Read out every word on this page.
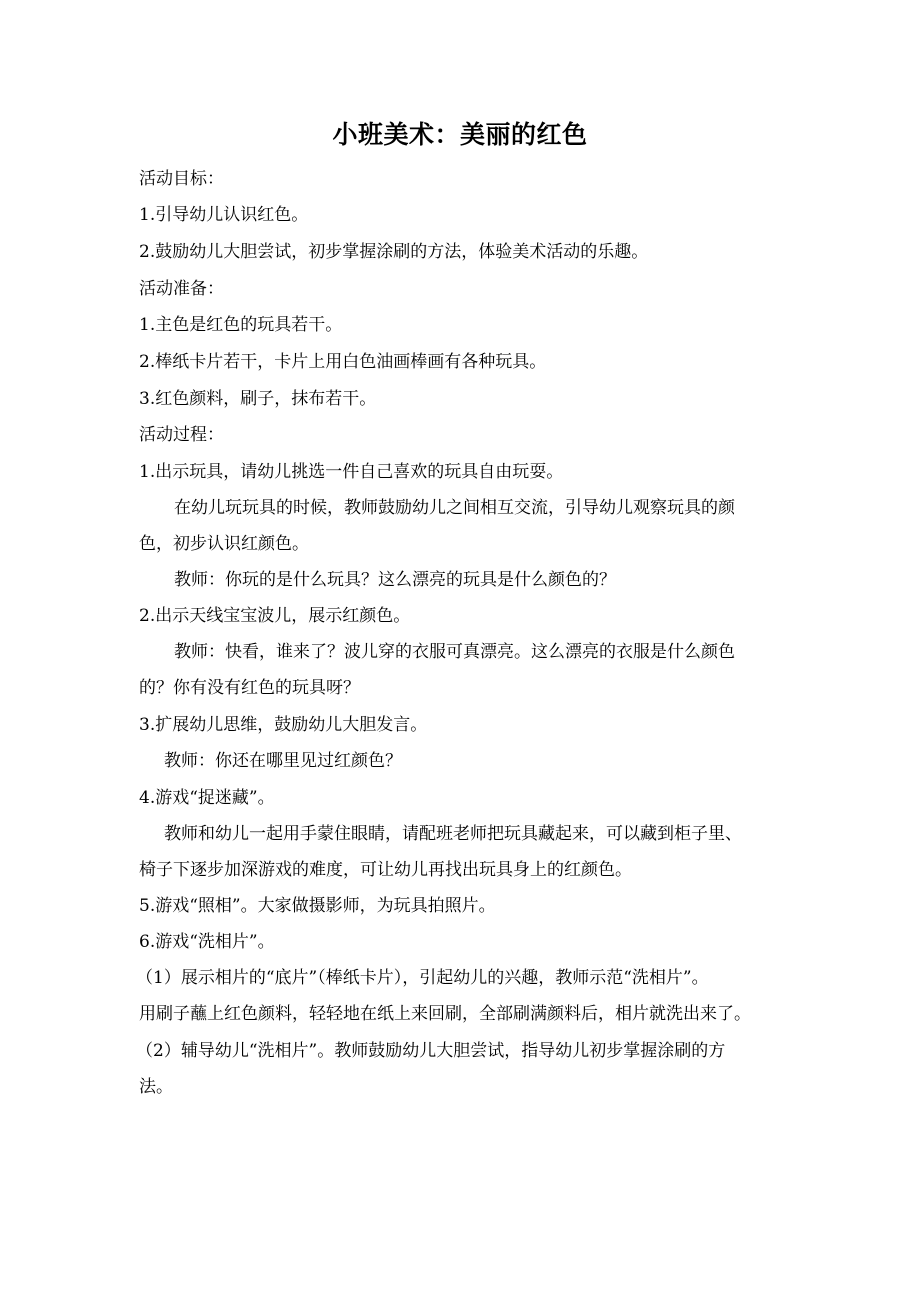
小班美术：美丽的红色
活动目标：
1.引导幼儿认识红色。
2.鼓励幼儿大胆尝试，初步掌握涂刷的方法，体验美术活动的乐趣。
活动准备：
1.主色是红色的玩具若干。
2.棒纸卡片若干，卡片上用白色油画棒画有各种玩具。
3.红色颜料，刷子，抹布若干。
活动过程：
1.出示玩具，请幼儿挑选一件自己喜欢的玩具自由玩耍。
在幼儿玩玩具的时候，教师鼓励幼儿之间相互交流，引导幼儿观察玩具的颜
色，初步认识红颜色。
教师：你玩的是什么玩具？这么漂亮的玩具是什么颜色的？
2.出示天线宝宝波儿，展示红颜色。
教师：快看，谁来了？波儿穿的衣服可真漂亮。这么漂亮的衣服是什么颜色
的？你有没有红色的玩具呀？
3.扩展幼儿思维，鼓励幼儿大胆发言。
教师：你还在哪里见过红颜色？
4.游戏“捉迷藏”。
教师和幼儿一起用手蒙住眼睛，请配班老师把玩具藏起来，可以藏到柜子里、
椅子下逐步加深游戏的难度，可让幼儿再找出玩具身上的红颜色。
5.游戏“照相”。大家做摄影师，为玩具拍照片。
6.游戏“洗相片”。
（1）展示相片的“底片”（棒纸卡片），引起幼儿的兴趣，教师示范“洗相片”。
用刷子蘸上红色颜料，轻轻地在纸上来回刷，全部刷满颜料后，相片就洗出来了。
（2）辅导幼儿“洗相片”。教师鼓励幼儿大胆尝试，指导幼儿初步掌握涂刷的方
法。
